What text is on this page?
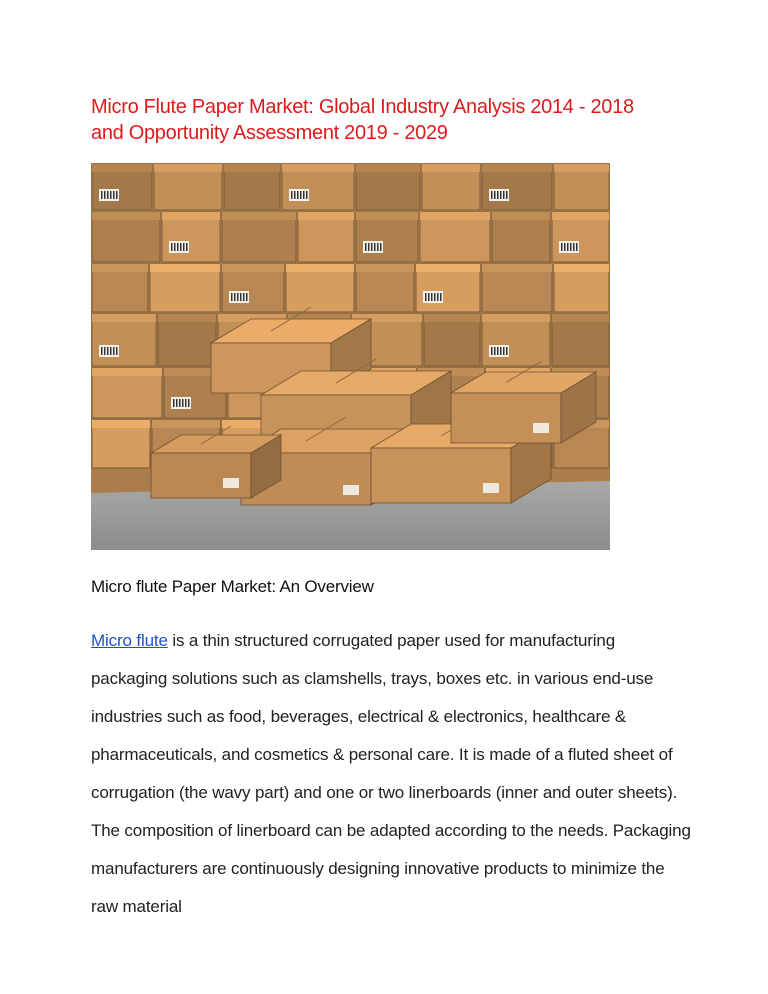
Micro Flute Paper Market: Global Industry Analysis 2014 - 2018
and Opportunity Assessment 2019 - 2029
Micro flute Paper Market: An Overview
Micro flute is a thin structured corrugated paper used for manufacturing packaging solutions such as clamshells, trays, boxes etc. in various end-use industries such as food, beverages, electrical & electronics, healthcare & pharmaceuticals, and cosmetics & personal care. It is made of a fluted sheet of corrugation (the wavy part) and one or two linerboards (inner and outer sheets). The composition of linerboard can be adapted according to the needs. Packaging manufacturers are continuously designing innovative products to minimize the raw material
